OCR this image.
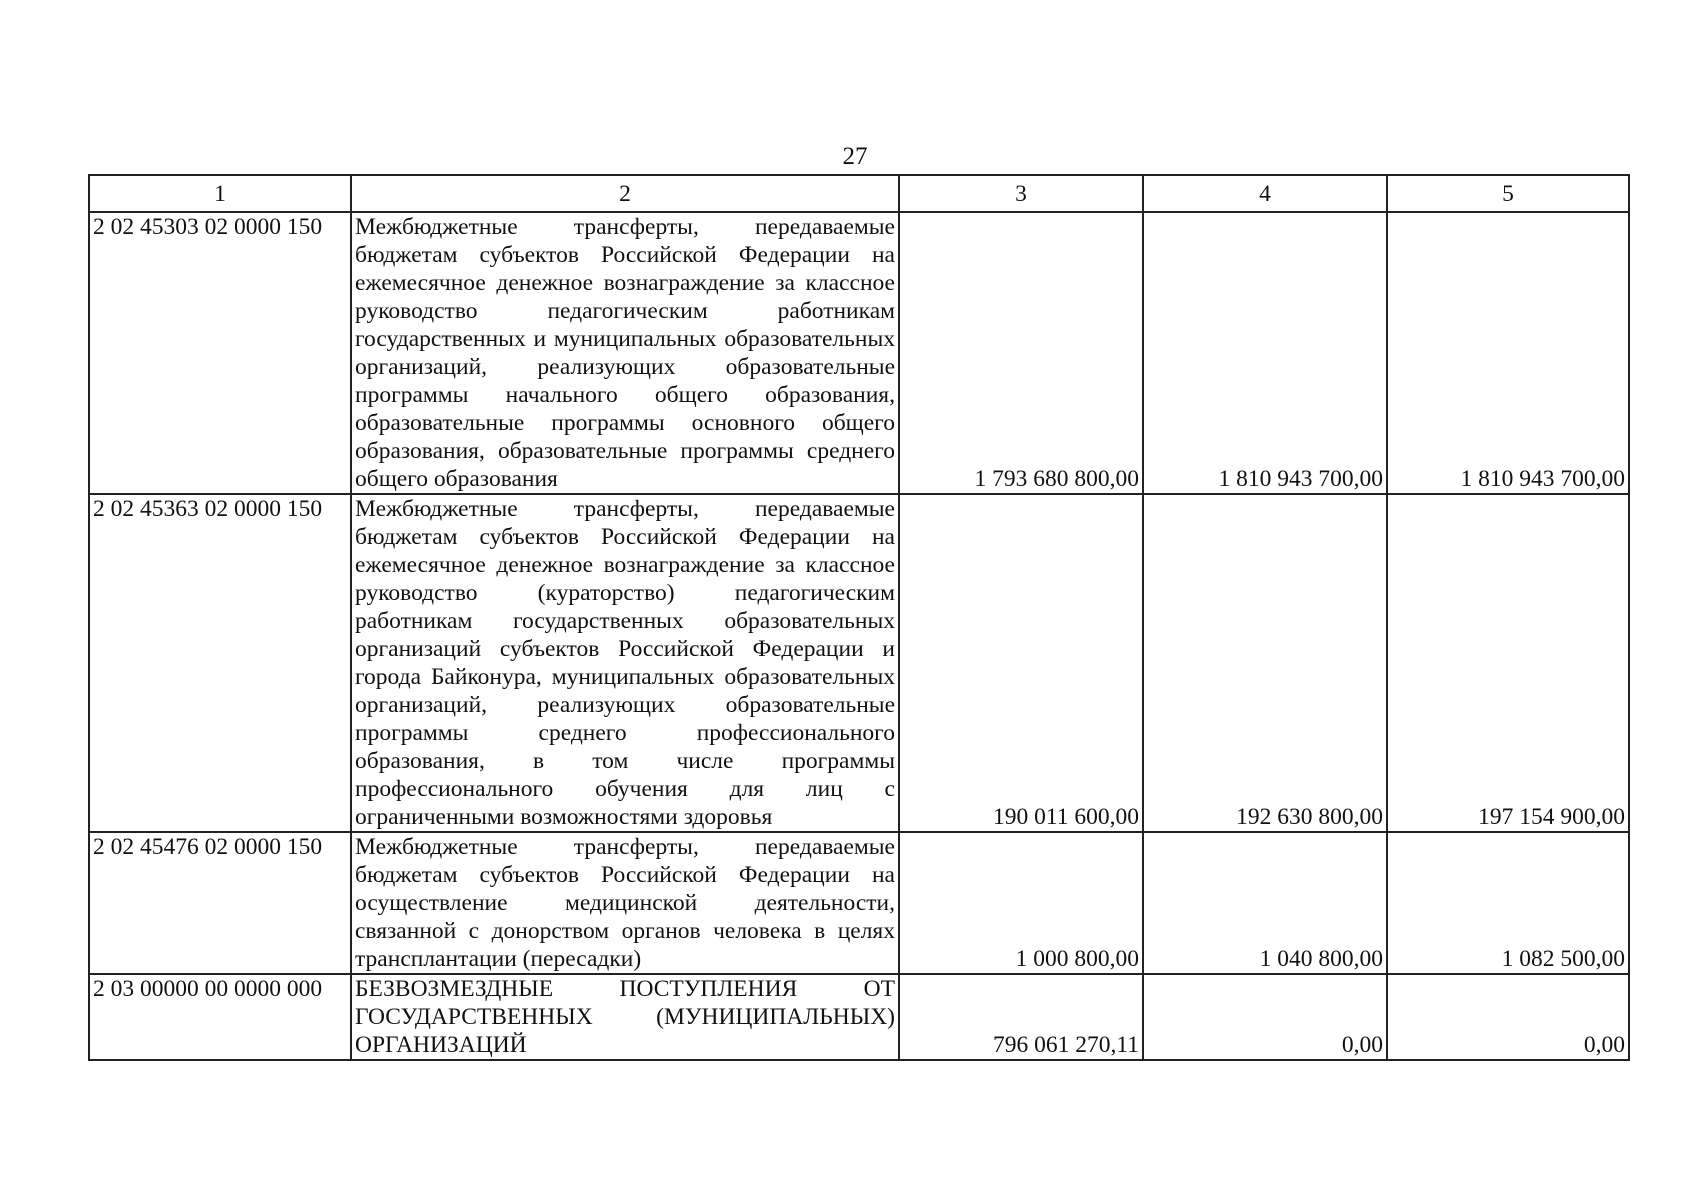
27
1	2	3	4	5
2 02 45303 02 0000 150	Межбюджетные трансферты, передаваемые бюджетам субъектов Российской Федерации на ежемесячное денежное вознаграждение за классное руководство педагогическим работникам государственных и муниципальных образовательных организаций, реализующих образовательные программы начального общего образования, образовательные программы основного общего образования, образовательные программы среднего общего образования	1 793 680 800,00	1 810 943 700,00	1 810 943 700,00
2 02 45363 02 0000 150	Межбюджетные трансферты, передаваемые бюджетам субъектов Российской Федерации на ежемесячное денежное вознаграждение за классное руководство (кураторство) педагогическим работникам государственных образовательных организаций субъектов Российской Федерации и города Байконура, муниципальных образовательных организаций, реализующих образовательные программы среднего профессионального образования, в том числе программы профессионального обучения для лиц с ограниченными возможностями здоровья	190 011 600,00	192 630 800,00	197 154 900,00
2 02 45476 02 0000 150	Межбюджетные трансферты, передаваемые бюджетам субъектов Российской Федерации на осуществление медицинской деятельности, связанной с донорством органов человека в целях трансплантации (пересадки)	1 000 800,00	1 040 800,00	1 082 500,00
2 03 00000 00 0000 000	БЕЗВОЗМЕЗДНЫЕ ПОСТУПЛЕНИЯ ОТ ГОСУДАРСТВЕННЫХ (МУНИЦИПАЛЬНЫХ) ОРГАНИЗАЦИЙ	796 061 270,11	0,00	0,00
